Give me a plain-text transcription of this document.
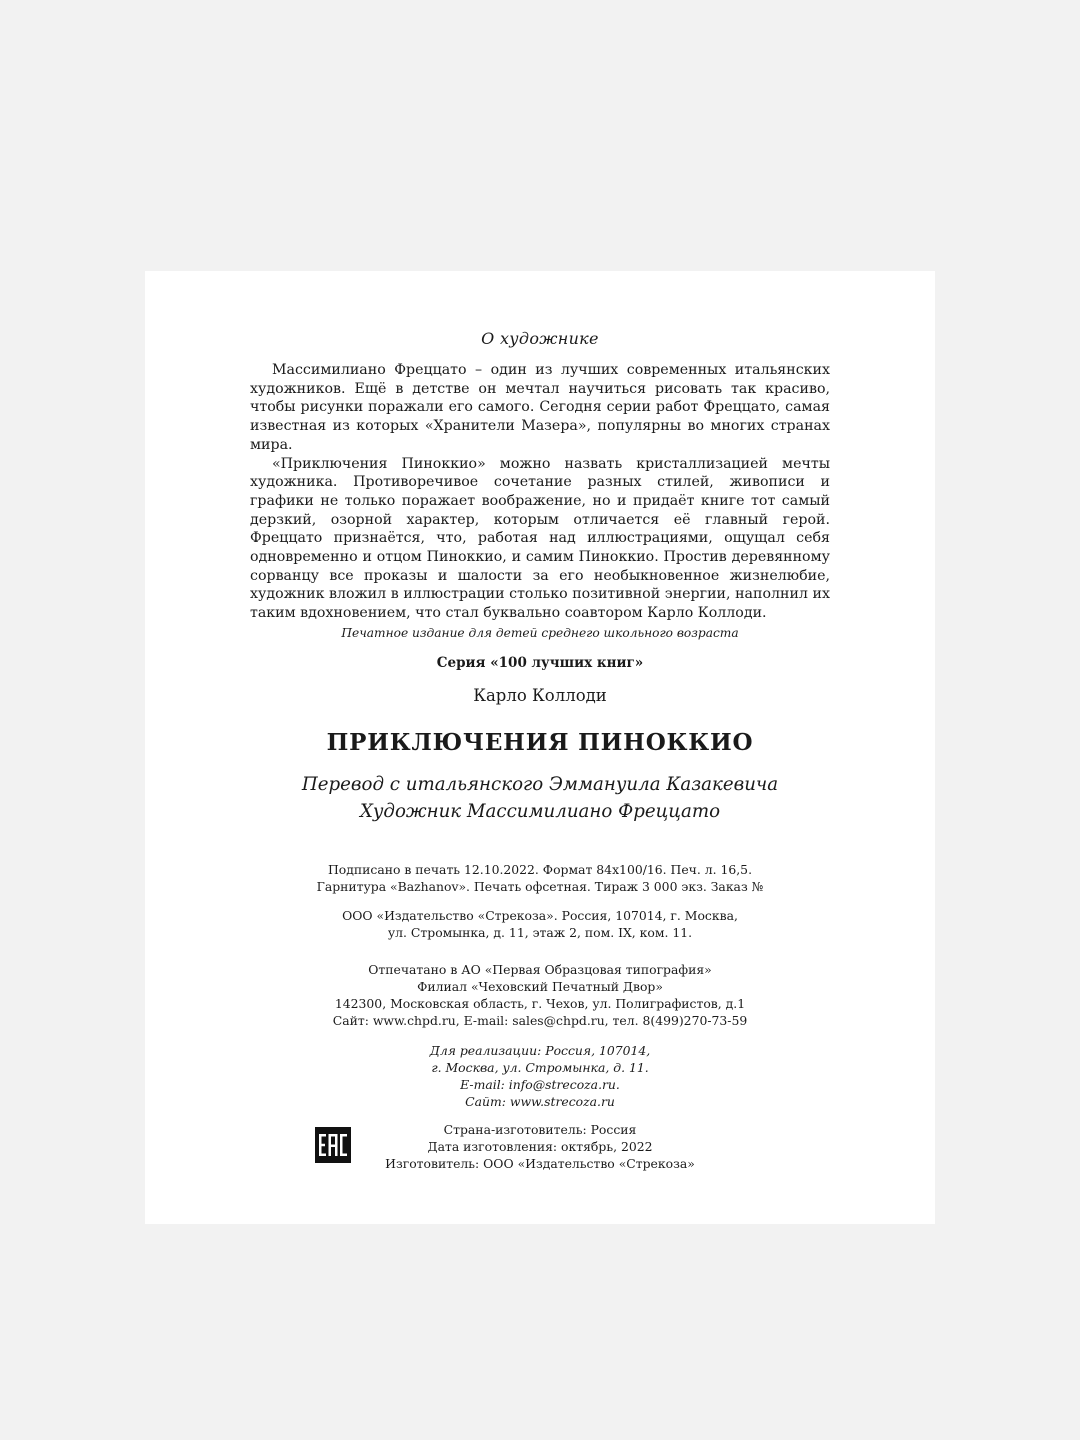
О художнике

Массимилиано Фреццато – один из лучших современных итальянских художников. Ещё в детстве он мечтал научиться рисовать так красиво, чтобы рисунки поражали его самого. Сегодня серии работ Фреццато, самая известная из которых «Хранители Мазера», популярны во многих странах мира.

«Приключения Пиноккио» можно назвать кристаллизацией мечты художника. Противоречивое сочетание разных стилей, живописи и графики не только поражает воображение, но и придаёт книге тот самый дерзкий, озорной характер, которым отличается её главный герой. Фреццато признаётся, что, работая над иллюстрациями, ощущал себя одновременно и отцом Пиноккио, и самим Пиноккио. Простив деревянному сорванцу все проказы и шалости за его необыкновенное жизнелюбие, художник вложил в иллюстрации столько позитивной энергии, наполнил их таким вдохновением, что стал буквально соавтором Карло Коллоди.

Печатное издание для детей среднего школьного возраста
Серия «100 лучших книг»
Карло Коллоди
ПРИКЛЮЧЕНИЯ ПИНОККИО
Перевод с итальянского Эммануила Казакевича
Художник Массимилиано Фреццато
Подписано в печать 12.10.2022. Формат 84x100/16. Печ. л. 16,5.
Гарнитура «Bazhanov». Печать офсетная. Тираж 3 000 экз. Заказ №
ООО «Издательство «Стрекоза». Россия, 107014, г. Москва,
ул. Стромынка, д. 11, этаж 2, пом. IX, ком. 11.
Отпечатано в АО «Первая Образцовая типография»
Филиал «Чеховский Печатный Двор»
142300, Московская область, г. Чехов, ул. Полиграфистов, д.1
Сайт: www.chpd.ru, E-mail: sales@chpd.ru, тел. 8(499)270-73-59
Для реализации: Россия, 107014,
г. Москва, ул. Стромынка, д. 11.
E-mail: info@strecoza.ru.
Сайт: www.strecoza.ru
Страна-изготовитель: Россия
Дата изготовления: октябрь, 2022
Изготовитель: ООО «Издательство «Стрекоза»
